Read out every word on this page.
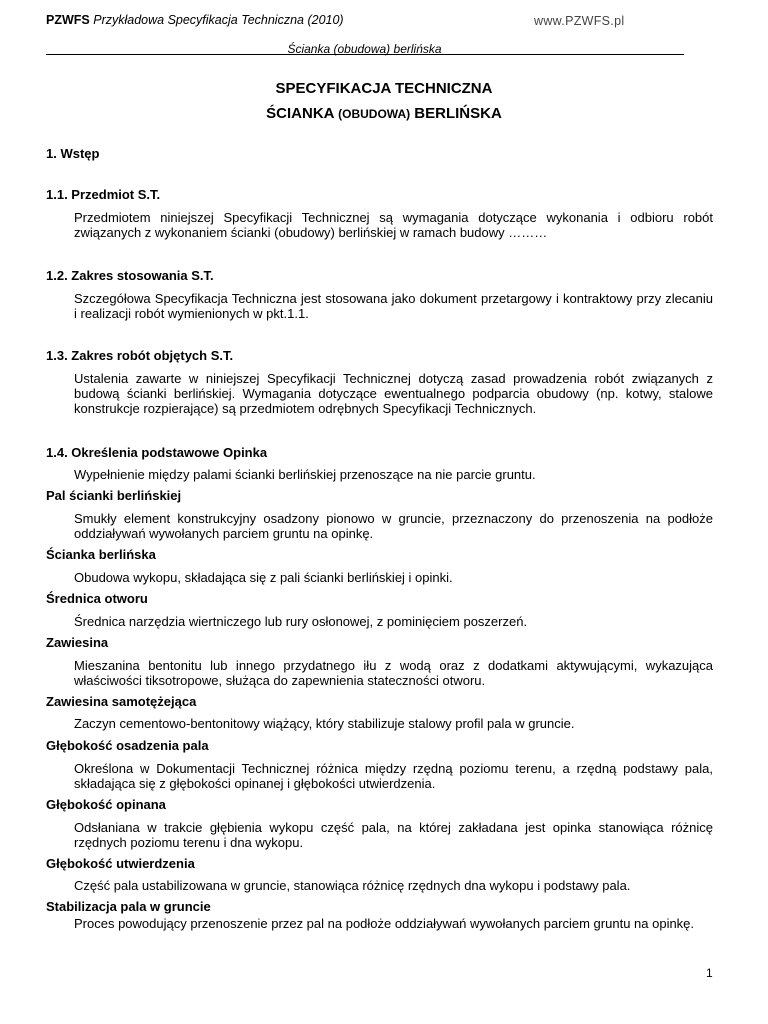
PZWFS Przykładowa Specyfikacja Techniczna (2010)	www.PZWFS.pl
Ścianka (obudowa) berlińska
SPECYFIKACJA TECHNICZNA
ŚCIANKA (OBUDOWA) BERLIŃSKA
1. Wstęp
1.1. Przedmiot S.T.
Przedmiotem niniejszej Specyfikacji Technicznej są wymagania dotyczące wykonania i odbioru robót związanych z wykonaniem ścianki (obudowy) berlińskiej w ramach budowy ………
1.2. Zakres stosowania S.T.
Szczegółowa Specyfikacja Techniczna jest stosowana jako dokument przetargowy i kontraktowy przy zlecaniu i realizacji robót wymienionych w pkt.1.1.
1.3. Zakres robót objętych S.T.
Ustalenia zawarte w niniejszej Specyfikacji Technicznej dotyczą zasad prowadzenia robót związanych z budową ścianki berlińskiej. Wymagania dotyczące ewentualnego podparcia obudowy (np. kotwy, stalowe konstrukcje rozpierające) są przedmiotem odrębnych Specyfikacji Technicznych.
1.4. Określenia podstawowe Opinka
Wypełnienie między palami ścianki berlińskiej przenoszące na nie parcie gruntu.
Pal ścianki berlińskiej
Smukły element konstrukcyjny osadzony pionowo w gruncie, przeznaczony do przenoszenia na podłoże oddziaływań wywołanych parciem gruntu na opinkę.
Ścianka berlińska
Obudowa wykopu, składająca się z pali ścianki berlińskiej i opinki.
Średnica otworu
Średnica narzędzia wiertniczego lub rury osłonowej, z pominięciem poszerzeń.
Zawiesina
Mieszanina bentonitu lub innego przydatnego iłu z wodą oraz z dodatkami aktywującymi, wykazująca właściwości tiksotropowe, służąca do zapewnienia stateczności otworu.
Zawiesina samotężejąca
Zaczyn cementowo-bentonitowy wiążący, który stabilizuje stalowy profil pala w gruncie.
Głębokość osadzenia pala
Określona w Dokumentacji Technicznej różnica między rzędną poziomu terenu, a rzędną podstawy pala, składająca się z głębokości opinanej i głębokości utwierdzenia.
Głębokość opinana
Odsłaniana w trakcie głębienia wykopu część pala, na której zakładana jest opinka stanowiąca różnicę rzędnych poziomu terenu i dna wykopu.
Głębokość utwierdzenia
Część pala ustabilizowana w gruncie, stanowiąca różnicę rzędnych dna wykopu i podstawy pala.
Stabilizacja pala w gruncie
Proces powodujący przenoszenie przez pal na podłoże oddziaływań wywołanych parciem gruntu na opinkę.
1
